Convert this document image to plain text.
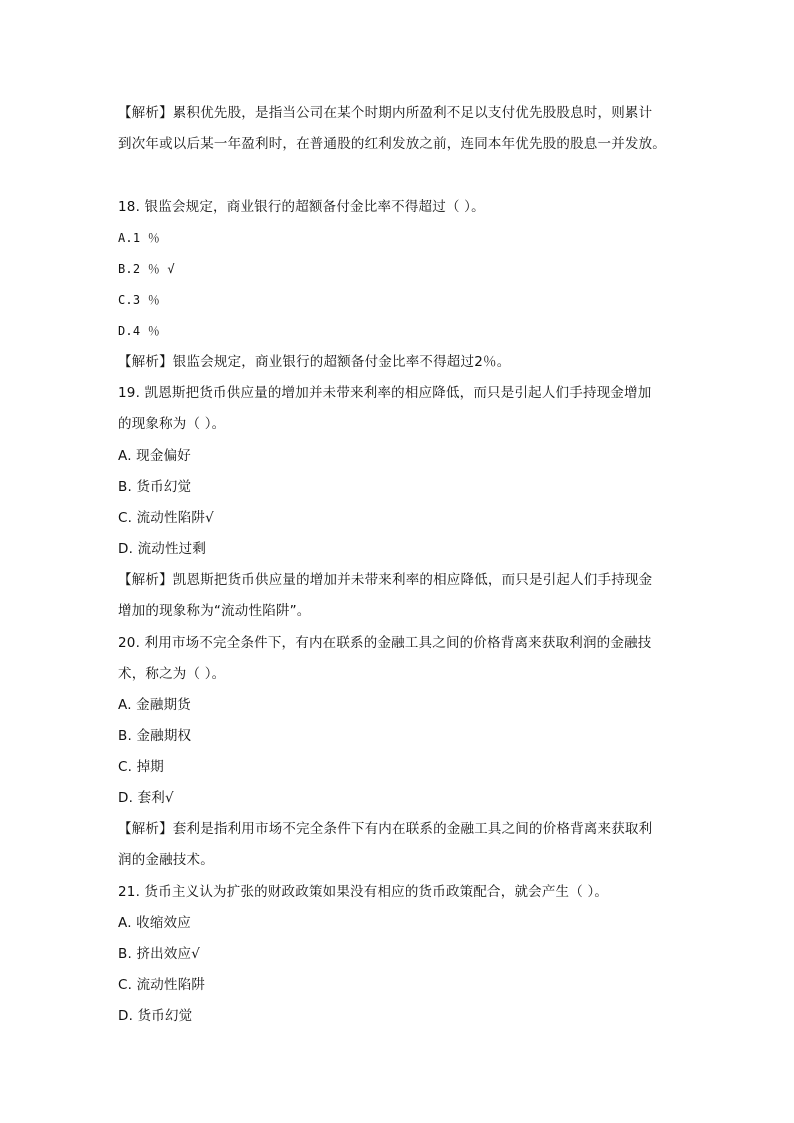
【解析】累积优先股，是指当公司在某个时期内所盈利不足以支付优先股股息时，则累计
到次年或以后某一年盈利时，在普通股的红利发放之前，连同本年优先股的股息一并发放。
18. 银监会规定，商业银行的超额备付金比率不得超过（ ）。
A.1 ％
B.2 ％ √
C.3 ％
D.4 ％
【解析】银监会规定，商业银行的超额备付金比率不得超过2％。
19. 凯恩斯把货币供应量的增加并未带来利率的相应降低，而只是引起人们手持现金增加
的现象称为（ ）。
A. 现金偏好
B. 货币幻觉
C. 流动性陷阱√
D. 流动性过剩
【解析】凯恩斯把货币供应量的增加并未带来利率的相应降低，而只是引起人们手持现金
增加的现象称为“流动性陷阱”。
20. 利用市场不完全条件下，有内在联系的金融工具之间的价格背离来获取利润的金融技
术，称之为（ ）。
A. 金融期货
B. 金融期权
C. 掉期
D. 套利√
【解析】套利是指利用市场不完全条件下有内在联系的金融工具之间的价格背离来获取利
润的金融技术。
21. 货币主义认为扩张的财政政策如果没有相应的货币政策配合，就会产生（ ）。
A. 收缩效应
B. 挤出效应√
C. 流动性陷阱
D. 货币幻觉
